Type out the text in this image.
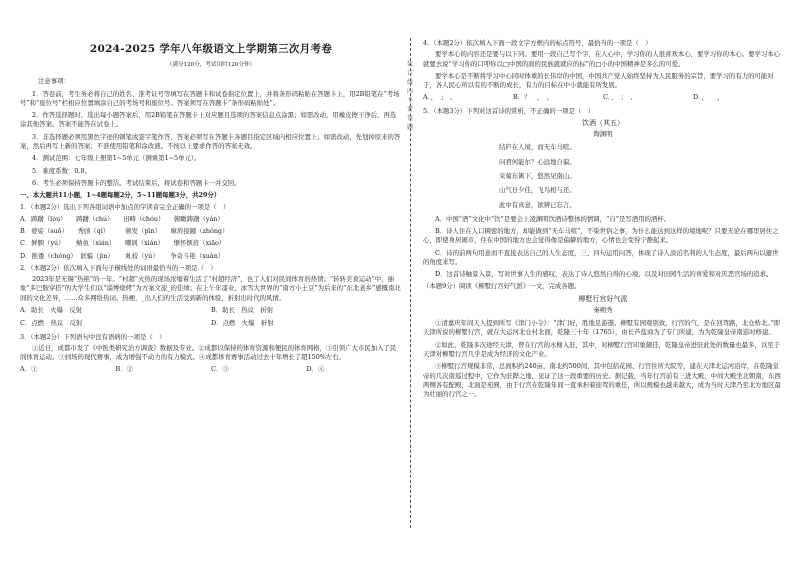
2024-2025 学年八年级语文上学期第三次月考卷
（满分120分，考试用时120分钟）
注意事项：
1．答卷前，考生务必将自己的姓名、准考证号等填写在答题卡和试卷指定位置上，并将条形码粘贴在答题卡上，用2B铅笔在“考场号”和“座位号”栏相应位置填涂自己的考场号和座位号。答案须写在答题卡“条形码粘贴处”。
2．作答选择题时，选出每小题答案后，用2B铅笔在答题卡上对应题目选项的答案信息点涂黑；如需改动，用橡皮擦干净后，再选涂其他答案。答案不能答在试卷上。
3．非选择题必须用黑色字迹的钢笔或签字笔作答，答案必须写在答题卡各题目指定区域内相应位置上；如需改动，先划掉原来的答案，然后再写上新的答案；不准使用铅笔和涂改液。不按以上要求作答的答案无效。
4．测试范围：七年级上册第1~5单元（测重第1~5单元）。
5．难度系数：0.8。
6．考生必须保持答题卡的整洁。考试结束后，将试卷和答题卡一并交回。
一、本大题共11小题，1~4题每题2分，5~11题每题3分，共29分）
1．（本题2分）选出下列各组词语中加点的字读音完全正确的一项是（　）
A．踌躇（lóu）　　踌躇（chú）　　田畴（chóu）　　俯瞰踌躇（yán）
B．婆娑（suō）　　秀颀（qí）　　　颁发（pīn）　　摩肩接踵（zhǒng）
C．鲜腴（yú）　　 鲭鱼（xián）　　嘲讽（xián）　　惬怀惬肩（xiāo）
D．推诿（chóng）　诓骗（jìn）　　 虬枝（yǔ）　　 争奇斗艳（xuàn）
2．（本题2分）依次填入下面句子横线处的词语最恰当的一项是（　）
2023年是无锡“热艳”的一年。“村超”火热的现场浓缩着生活了“村超经济”，也了人们对民间体育的热情；“转转美食运动”中，抽象“多巴胺穿搭”的大学生们以“淄博烧烤”为方案文旅_的佳绩；在上午年漆业、冰雪大世界的“南方小土豆”为后来的“东北老乡”感慨南北间的文化差异，……众多网络热词、热梗，_出人们的生活受到新的体验，折射出时代的风情。
A．助长　火爆　反射	B．助长　热议　折射
C．点燃　热议　反射	D．点燃　火爆　折射
3．（本题2分）下列语句中没有语病的一项是（　）
①近日，成都市发了《中医类研究治方调查》数据及专业。②成都以保持的体育资源和便民的体育网格，③引领广大市民加入了民间体育运动。③到场的现代赛事，成为增强不动力的有力模式。④成都体育赛事活动过去十年增长了超150%左右。
A．①	B．②	C．③	D．④
4．（本题2分）依次填入下面一段文字方框内的标点符号，最恰当的一项是（　）
要学本心的内容还是要与以下同。要用一段自己写个字，在人心中，学习你的人很喜欢本心，要学习你的本心。要学习本心就要去说“学习你的口叩你以□中国的面的民族就就应的标”的□小的中国精神是多么的可爱。
要学本心是不断将学习中心同时体重的长伟岸的中国，中国共产党人始终坚持为人民服务的宗旨，要学习的有力的可能对于，各人民心所以有的不断的成长，有力的目标在中小就能有所发展。
A．，　」　、	B．？　，　、	C．，　；　、	D．，　　，
5．（本题3分）下列对这首诗的赏析，不正确的一项是（　）
饮酒（其五）
陶渊明
结庐在人境，而无车马喧。
问君何能尔？心远地自偏。
采菊东篱下，悠然见南山。
山气日夕佳，飞鸟相与还。
此中有真意，欲辨已忘言。
A．中国“酒”文化中“饮”是要会上凌渊明饮酒诗整体的情调，“自”是写酒用的酒杯。
B．诗人住在人口稠密的地方，却能做到“无车马喧”，不染世俗之事，为什么能达到这样的境地呢？只要无论在哪里居住之心，即使身居闹市，住在中国的地方也会觉得像是偏僻的地方，心情也会变得宁静起来。
C．诗的前两句用意而不直接表达自己的人生态度，三、四句运用问答，体现了诗人淡泊名利的人生态度，最后两句以避世的角度来写。
D．这首诗触景入景，写对世事人生的感叹，表达了诗人悠然自得的心境，以及对田园生活的喜爱和对厌恶官场的追求。
（本题9分）阅读《柳墅行宫好气派》一文，完成各题。
柳墅行宫好气派
秦朔秀
①清嘉庆年间天人提到所写《津门小令》：“津门好，胜地足游遨。柳墅有园观别致，行宫的气，是在回驾路，北仓桥北。”即天津所说的柳墅行宫，就在大运河北仓村北面，乾隆三十年（1765），由长芦盐商为了专门所建，为为乾隆皇帝南巡时修建。
②如此，乾隆多次途经天津，曾在行宫的水榭入驻，其中，对柳墅行宫印象颇佳，乾隆皇帝进驻此处的数量也最多，以至于天津对柳墅行宫几乎是成为经济的文化产业。
③柳墅行宫规模非常，总面积约240亩，南北约500间，其中包括花园、行宫住所大院等，建在天津北运河沿岸，在乾隆皇帝的几次南巡过程中，它作为驻跸之地，见证了这一段重要的历史。据记载，当年行宫前有三进大殿，中间大殿坐北朝南，东西两侧各有配殿，北面是苑囿，由于行宫在乾隆年间一直承担着迎驾的重任，所以规模也越来越大，成为当时天津乃至北方地区最为壮丽的行宫之一。
装
订
线
内
不
要
答
题
